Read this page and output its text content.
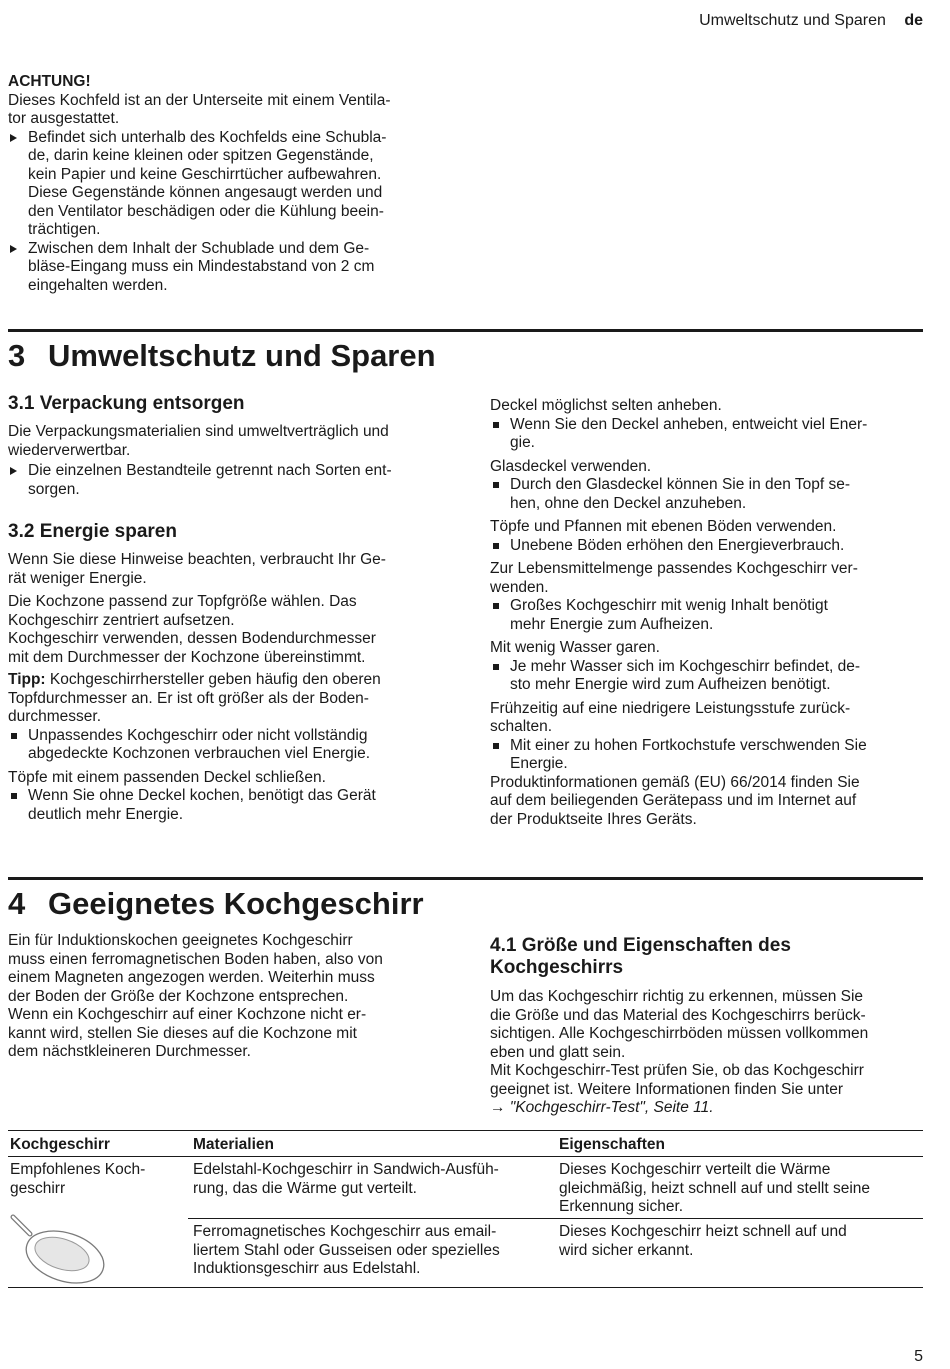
Umweltschutz und Sparen de

ACHTUNG!

Dieses Kochfeld ist an der Unterseite mit einem Ventila-

tor ausgestattet.

Befindet sich unterhalb des Kochfelds eine Schubla-

de, darin keine kleinen oder spitzen Gegenstände,

kein Papier und keine Geschirrtücher aufbewahren.

Diese Gegenstände können angesaugt werden und

den Ventilator beschädigen oder die Kühlung beein-

trächtigen.

Zwischen dem Inhalt der Schublade und dem Ge-

bläse-Eingang muss ein Mindestabstand von 2 cm

eingehalten werden.

3 Umweltschutz und Sparen

3.1 Verpackung entsorgen

Die Verpackungsmaterialien sind umweltverträglich und

wiederverwertbar.

Die einzelnen Bestandteile getrennt nach Sorten ent-

sorgen.

3.2 Energie sparen

Wenn Sie diese Hinweise beachten, verbraucht Ihr Ge-

rät weniger Energie.

Die Kochzone passend zur Topfgröße wählen. Das

Kochgeschirr zentriert aufsetzen.

Kochgeschirr verwenden, dessen Bodendurchmesser

mit dem Durchmesser der Kochzone übereinstimmt.

Tipp: Kochgeschirrhersteller geben häufig den oberen

Topfdurchmesser an. Er ist oft größer als der Boden-

durchmesser.

Unpassendes Kochgeschirr oder nicht vollständig

abgedeckte Kochzonen verbrauchen viel Energie.

Töpfe mit einem passenden Deckel schließen.

Wenn Sie ohne Deckel kochen, benötigt das Gerät

deutlich mehr Energie.

Deckel möglichst selten anheben.

Wenn Sie den Deckel anheben, entweicht viel Ener-

gie.

Glasdeckel verwenden.

Durch den Glasdeckel können Sie in den Topf se-

hen, ohne den Deckel anzuheben.

Töpfe und Pfannen mit ebenen Böden verwenden.

Unebene Böden erhöhen den Energieverbrauch.

Zur Lebensmittelmenge passendes Kochgeschirr ver-

wenden.

Großes Kochgeschirr mit wenig Inhalt benötigt

mehr Energie zum Aufheizen.

Mit wenig Wasser garen.

Je mehr Wasser sich im Kochgeschirr befindet, de-

sto mehr Energie wird zum Aufheizen benötigt.

Frühzeitig auf eine niedrigere Leistungsstufe zurück-

schalten.

Mit einer zu hohen Fortkochstufe verschwenden Sie

Energie.

Produktinformationen gemäß (EU) 66/2014 finden Sie

auf dem beiliegenden Gerätepass und im Internet auf

der Produktseite Ihres Geräts.

4 Geeignetes Kochgeschirr

Ein für Induktionskochen geeignetes Kochgeschirr

muss einen ferromagnetischen Boden haben, also von

einem Magneten angezogen werden. Weiterhin muss

der Boden der Größe der Kochzone entsprechen.

Wenn ein Kochgeschirr auf einer Kochzone nicht er-

kannt wird, stellen Sie dieses auf die Kochzone mit

dem nächstkleineren Durchmesser.

4.1 Größe und Eigenschaften des

Kochgeschirrs

Um das Kochgeschirr richtig zu erkennen, müssen Sie

die Größe und das Material des Kochgeschirrs berück-

sichtigen. Alle Kochgeschirrböden müssen vollkommen

eben und glatt sein.

Mit Kochgeschirr-Test prüfen Sie, ob das Kochgeschirr

geeignet ist. Weitere Informationen finden Sie unter

→ "Kochgeschirr-Test", Seite 11.

Kochgeschirr	Materialien	Eigenschaften

Empfohlenes Koch-

geschirr

Edelstahl-Kochgeschirr in Sandwich-Ausfüh-

rung, das die Wärme gut verteilt.

Dieses Kochgeschirr verteilt die Wärme

gleichmäßig, heizt schnell auf und stellt seine

Erkennung sicher.

Ferromagnetisches Kochgeschirr aus email-

liertem Stahl oder Gusseisen oder spezielles

Induktionsgeschirr aus Edelstahl.

Dieses Kochgeschirr heizt schnell auf und

wird sicher erkannt.

5
